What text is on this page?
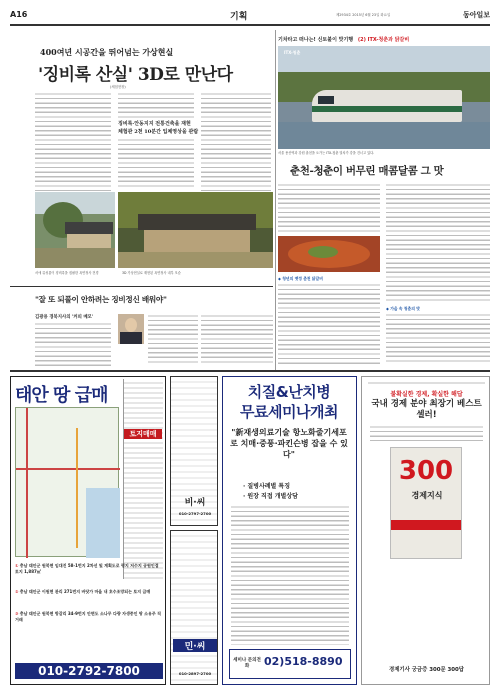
A16	기획	제2934호 2015년 6월 23일 화요일	동아일보
400여년 시공간을 뛰어넘는 가상현실
'징비록 산실' 3D로 만난다
(체험현장)
징비록·안동지지 전통건축을 재현
체험관 2천 10분간 입체영상을 관람
서애 류성룡이 징비록을 집필한 옥연정사 전경	3D 가상현실로 재현된 옥연정사 내부 모습
기차타고 떠나는! 신토불이 맛기행 (2) ITX-청춘과 닭갈비
ITX-청춘
서울 용산역과 강원 춘천을 오가는 ITX-청춘 열차가 강을 건너고 있다.
춘천-청춘이 버무린 매콤달콤 그 맛
◆ 청년의 옛정 춘천 닭갈비
◆ 가을 속 청춘의 맛
"잘 또 되풀이 안하려는 징비정신 배워야"
김광용 경북지사의 '커피 메모'
태안 땅 급매
토지매매
① 충남 태안군 원북면 임대진 58-1번지 2차선 및 계획도로 평지 저수지 공원인접 토지 1,887㎡
② 충남 태안군 이원면 관리 271번지 바닷가 마을 내 호수조망되는 토지 급매
③ 충남 태안군 원북면 방갈리 34-9번지 안면도 소나무 다량 자생중인 땅 소유주 직거래
010-2792-7800
비·씨
010-2797-2700
민·씨
010-2897-2700
치질&난치병
무료세미나개최
"新재생의료기술 항노화줄기세포로 치매·중풍·파킨슨병 잡을 수 있다"
· 질병사례별 특징
· 원장 직접 개별상담
세미나 문의전화	02)518-8890
불확실한 경제, 확실한 해답
국내 경제 분야 최장기 베스트셀러!
300
경제지식
경제기사 궁금증 300문 300답
